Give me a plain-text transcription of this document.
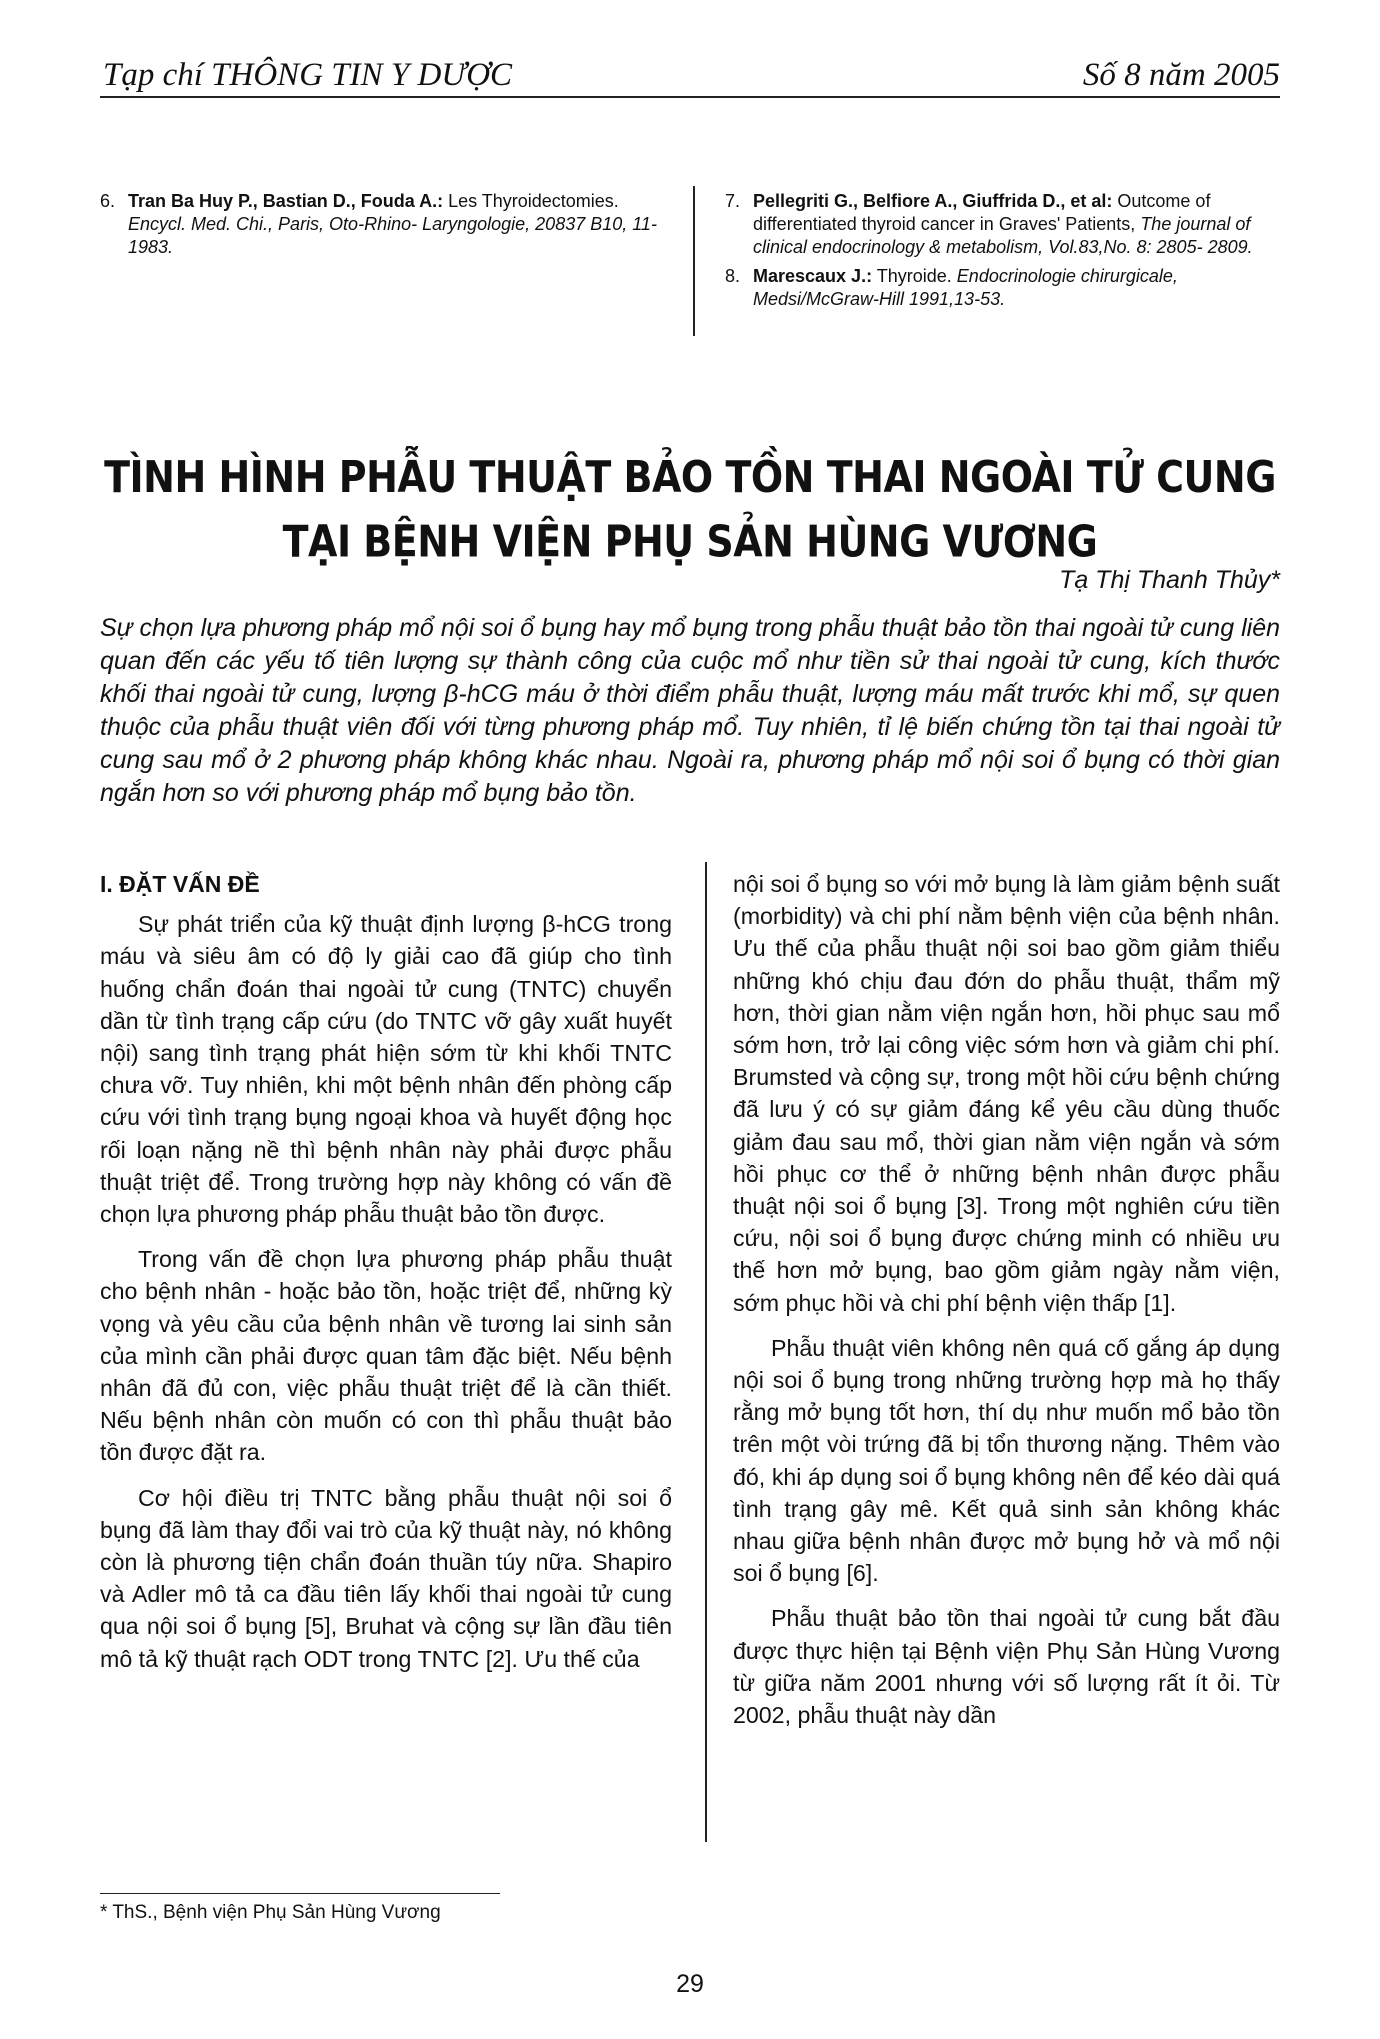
Tạp chí THÔNG TIN Y DƯỢC	Số 8 năm 2005
6. Tran Ba Huy P., Bastian D., Fouda A.: Les Thyroidectomies. Encycl. Med. Chi., Paris, Oto-Rhino- Laryngologie, 20837 B10, 11-1983.
7. Pellegriti G., Belfiore A., Giuffrida D., et al: Outcome of differentiated thyroid cancer in Graves' Patients, The journal of clinical endocrinology & metabolism, Vol.83,No. 8: 2805- 2809.
8. Marescaux J.: Thyroide. Endocrinologie chirurgicale, Medsi/McGraw-Hill 1991,13-53.
TÌNH HÌNH PHẪU THUẬT BẢO TỒN THAI NGOÀI TỬ CUNG
TẠI BỆNH VIỆN PHỤ SẢN HÙNG VƯƠNG
Tạ Thị Thanh Thủy*
Sự chọn lựa phương pháp mổ nội soi ổ bụng hay mổ bụng trong phẫu thuật bảo tồn thai ngoài tử cung liên quan đến các yếu tố tiên lượng sự thành công của cuộc mổ như tiền sử thai ngoài tử cung, kích thước khối thai ngoài tử cung, lượng β-hCG máu ở thời điểm phẫu thuật, lượng máu mất trước khi mổ, sự quen thuộc của phẫu thuật viên đối với từng phương pháp mổ. Tuy nhiên, tỉ lệ biến chứng tồn tại thai ngoài tử cung sau mổ ở 2 phương pháp không khác nhau. Ngoài ra, phương pháp mổ nội soi ổ bụng có thời gian ngắn hơn so với phương pháp mổ bụng bảo tồn.
I. ĐẶT VẤN ĐỀ

Sự phát triển của kỹ thuật định lượng β-hCG trong máu và siêu âm có độ ly giải cao đã giúp cho tình huống chẩn đoán thai ngoài tử cung (TNTC) chuyển dần từ tình trạng cấp cứu (do TNTC vỡ gây xuất huyết nội) sang tình trạng phát hiện sớm từ khi khối TNTC chưa vỡ. Tuy nhiên, khi một bệnh nhân đến phòng cấp cứu với tình trạng bụng ngoại khoa và huyết động học rối loạn nặng nề thì bệnh nhân này phải được phẫu thuật triệt để. Trong trường hợp này không có vấn đề chọn lựa phương pháp phẫu thuật bảo tồn được.

Trong vấn đề chọn lựa phương pháp phẫu thuật cho bệnh nhân - hoặc bảo tồn, hoặc triệt để, những kỳ vọng và yêu cầu của bệnh nhân về tương lai sinh sản của mình cần phải được quan tâm đặc biệt. Nếu bệnh nhân đã đủ con, việc phẫu thuật triệt để là cần thiết. Nếu bệnh nhân còn muốn có con thì phẫu thuật bảo tồn được đặt ra.

Cơ hội điều trị TNTC bằng phẫu thuật nội soi ổ bụng đã làm thay đổi vai trò của kỹ thuật này, nó không còn là phương tiện chẩn đoán thuần túy nữa. Shapiro và Adler mô tả ca đầu tiên lấy khối thai ngoài tử cung qua nội soi ổ bụng [5], Bruhat và cộng sự lần đầu tiên mô tả kỹ thuật rạch ODT trong TNTC [2]. Ưu thế của

nội soi ổ bụng so với mở bụng là làm giảm bệnh suất (morbidity) và chi phí nằm bệnh viện của bệnh nhân. Ưu thế của phẫu thuật nội soi bao gồm giảm thiểu những khó chịu đau đớn do phẫu thuật, thẩm mỹ hơn, thời gian nằm viện ngắn hơn, hồi phục sau mổ sớm hơn, trở lại công việc sớm hơn và giảm chi phí. Brumsted và cộng sự, trong một hồi cứu bệnh chứng đã lưu ý có sự giảm đáng kể yêu cầu dùng thuốc giảm đau sau mổ, thời gian nằm viện ngắn và sớm hồi phục cơ thể ở những bệnh nhân được phẫu thuật nội soi ổ bụng [3]. Trong một nghiên cứu tiền cứu, nội soi ổ bụng được chứng minh có nhiều ưu thế hơn mở bụng, bao gồm giảm ngày nằm viện, sớm phục hồi và chi phí bệnh viện thấp [1].

Phẫu thuật viên không nên quá cố gắng áp dụng nội soi ổ bụng trong những trường hợp mà họ thấy rằng mở bụng tốt hơn, thí dụ như muốn mổ bảo tồn trên một vòi trứng đã bị tổn thương nặng. Thêm vào đó, khi áp dụng soi ổ bụng không nên để kéo dài quá tình trạng gây mê. Kết quả sinh sản không khác nhau giữa bệnh nhân được mở bụng hở và mổ nội soi ổ bụng [6].

Phẫu thuật bảo tồn thai ngoài tử cung bắt đầu được thực hiện tại Bệnh viện Phụ Sản Hùng Vương từ giữa năm 2001 nhưng với số lượng rất ít ỏi. Từ 2002, phẫu thuật này dần

* ThS., Bệnh viện Phụ Sản Hùng Vương
29
